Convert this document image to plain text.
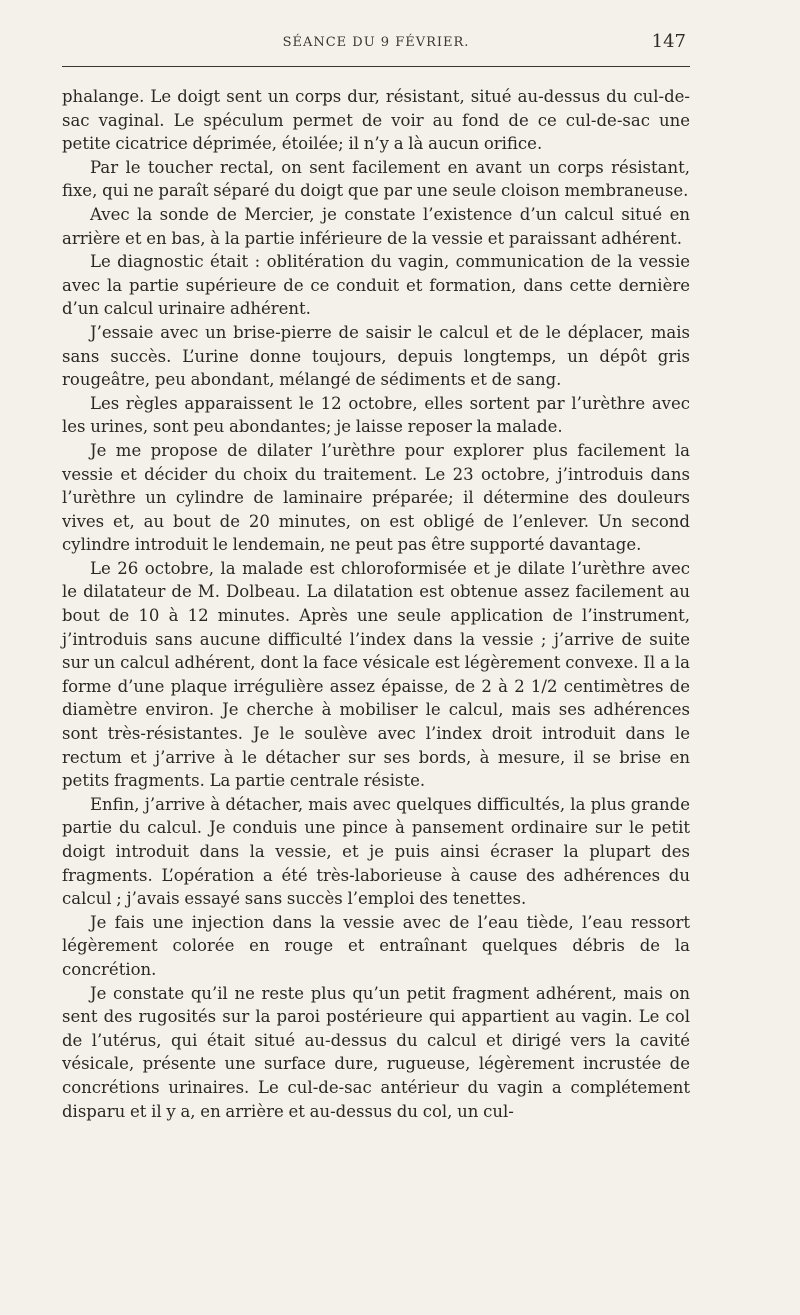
SÉANCE DU 9 FÉVRIER.	147

phalange. Le doigt sent un corps dur, résistant, situé au-dessus du cul-de-sac vaginal. Le spéculum permet de voir au fond de ce cul-de-sac une petite cicatrice déprimée, étoilée; il n’y a là aucun orifice.

Par le toucher rectal, on sent facilement en avant un corps résistant, fixe, qui ne paraît séparé du doigt que par une seule cloison membraneuse.

Avec la sonde de Mercier, je constate l’existence d’un calcul situé en arrière et en bas, à la partie inférieure de la vessie et paraissant adhérent.

Le diagnostic était : oblitération du vagin, communication de la vessie avec la partie supérieure de ce conduit et formation, dans cette dernière d’un calcul urinaire adhérent.

J’essaie avec un brise-pierre de saisir le calcul et de le déplacer, mais sans succès. L’urine donne toujours, depuis longtemps, un dépôt gris rougeâtre, peu abondant, mélangé de sédiments et de sang.

Les règles apparaissent le 12 octobre, elles sortent par l’urèthre avec les urines, sont peu abondantes; je laisse reposer la malade.

Je me propose de dilater l’urèthre pour explorer plus facilement la vessie et décider du choix du traitement. Le 23 octobre, j’introduis dans l’urèthre un cylindre de laminaire préparée; il détermine des douleurs vives et, au bout de 20 minutes, on est obligé de l’enlever. Un second cylindre introduit le lendemain, ne peut pas être supporté davantage.

Le 26 octobre, la malade est chloroformisée et je dilate l’urèthre avec le dilatateur de M. Dolbeau. La dilatation est obtenue assez facilement au bout de 10 à 12 minutes. Après une seule application de l’instrument, j’introduis sans aucune difficulté l’index dans la vessie ; j’arrive de suite sur un calcul adhérent, dont la face vésicale est légèrement convexe. Il a la forme d’une plaque irrégulière assez épaisse, de 2 à 2 1/2 centimètres de diamètre environ. Je cherche à mobiliser le calcul, mais ses adhérences sont très-résistantes. Je le soulève avec l’index droit introduit dans le rectum et j’arrive à le détacher sur ses bords, à mesure, il se brise en petits fragments. La partie centrale résiste.

Enfin, j’arrive à détacher, mais avec quelques difficultés, la plus grande partie du calcul. Je conduis une pince à pansement ordinaire sur le petit doigt introduit dans la vessie, et je puis ainsi écraser la plupart des fragments. L’opération a été très-laborieuse à cause des adhérences du calcul ; j’avais essayé sans succès l’emploi des tenettes.

Je fais une injection dans la vessie avec de l’eau tiède, l’eau ressort légèrement colorée en rouge et entraînant quelques débris de la concrétion.

Je constate qu’il ne reste plus qu’un petit fragment adhérent, mais on sent des rugosités sur la paroi postérieure qui appartient au vagin. Le col de l’utérus, qui était situé au-dessus du calcul et dirigé vers la cavité vésicale, présente une surface dure, rugueuse, légèrement incrustée de concrétions urinaires. Le cul-de-sac antérieur du vagin a complétement disparu et il y a, en arrière et au-dessus du col, un cul-
